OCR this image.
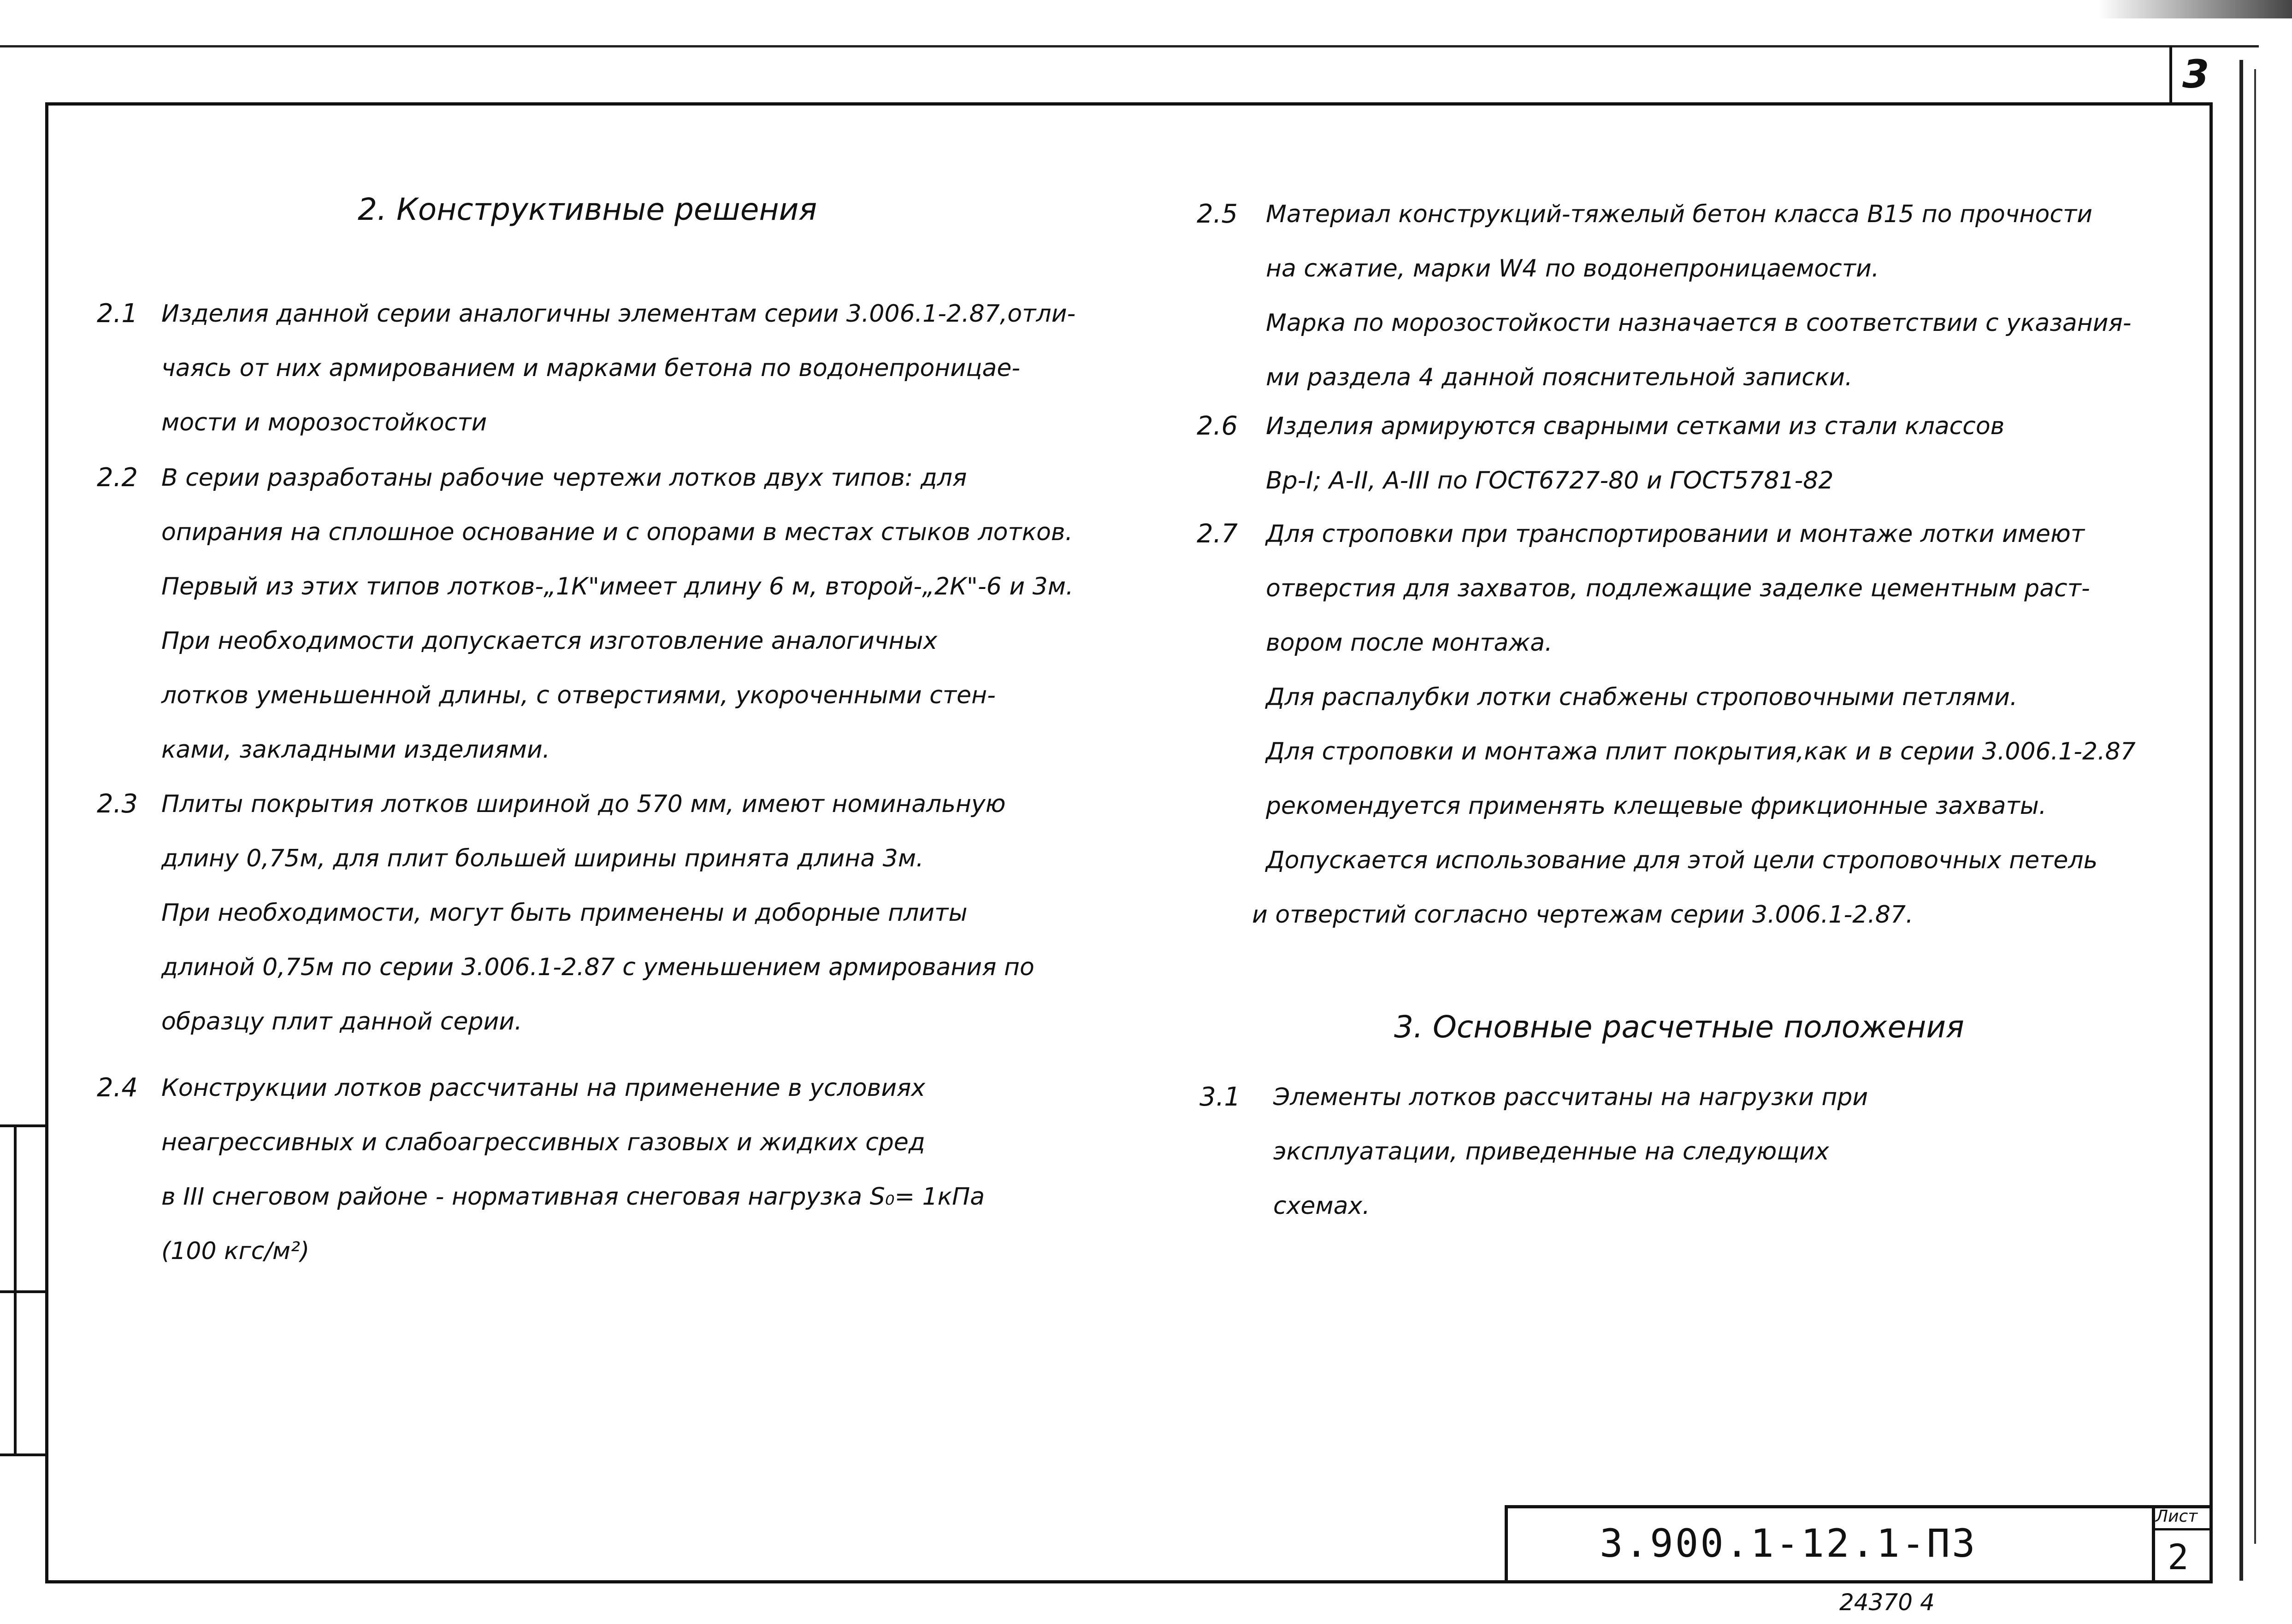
3
2. Конструктивные решения
2.1 Изделия данной серии аналогичны элементам серии 3.006.1-2.87,отли-
чаясь от них армированием и марками бетона по водонепроницае-
мости и морозостойкости
2.2 В серии разработаны рабочие чертежи лотков двух типов: для
опирания на сплошное основание и с опорами в местах стыков лотков.
Первый из этих типов лотков-„1К"имеет длину 6 м, второй-„2К"-6 и 3м.
При необходимости допускается изготовление аналогичных
лотков уменьшенной длины, с отверстиями, укороченными стен-
ками, закладными изделиями.
2.3 Плиты покрытия лотков шириной до 570 мм, имеют номинальную
длину 0,75м, для плит большей ширины принята длина 3м.
При необходимости, могут быть применены и доборные плиты
длиной 0,75м по серии 3.006.1-2.87 с уменьшением армирования по
образцу плит данной серии.
2.4 Конструкции лотков рассчитаны на применение в условиях
неагрессивных и слабоагрессивных газовых и жидких сред
в III снеговом районе - нормативная снеговая нагрузка S₀= 1кПа
(100 кгс/м²)
2.5 Материал конструкций-тяжелый бетон класса В15 по прочности
на сжатие, марки W4 по водонепроницаемости.
Марка по морозостойкости назначается в соответствии с указания-
ми раздела 4 данной пояснительной записки.
2.6 Изделия армируются сварными сетками из стали классов
Вр-I; А-II, А-III по ГОСТ6727-80 и ГОСТ5781-82
2.7 Для строповки при транспортировании и монтаже лотки имеют
отверстия для захватов, подлежащие заделке цементным раст-
вором после монтажа.
Для распалубки лотки снабжены строповочными петлями.
Для строповки и монтажа плит покрытия,как и в серии 3.006.1-2.87
рекомендуется применять клещевые фрикционные захваты.
Допускается использование для этой цели строповочных петель
и отверстий согласно чертежам серии 3.006.1-2.87.
3. Основные расчетные положения
3.1 Элементы лотков рассчитаны на нагрузки при
эксплуатации, приведенные на следующих
схемах.
3.900.1-12.1-П3
Лист
2
24370 4
